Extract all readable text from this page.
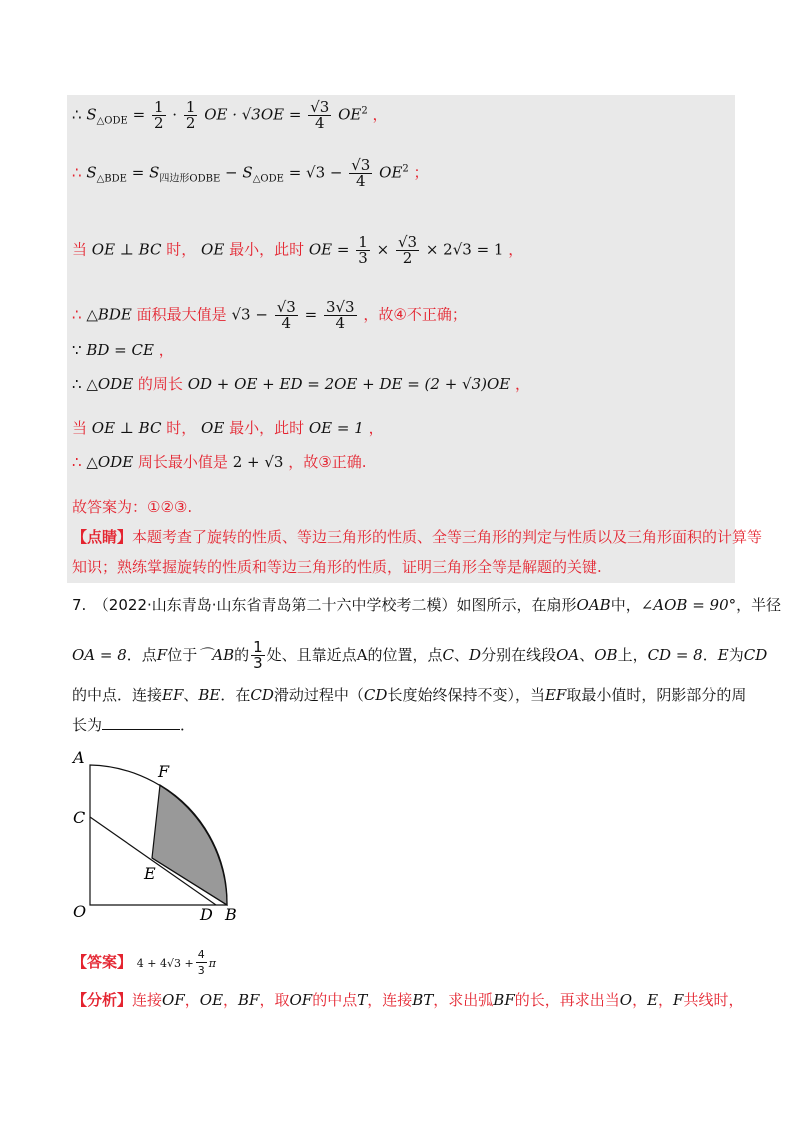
∴ $S_{\triangle ODE} = \frac{1}{2} \cdot \frac{1}{2}$ OE · $√3OE = \frac{√3}{4} OE^2$ ，
∴ $S_{\triangle BDE} = S_{四边形ODBE} - S_{\triangle ODE} = √3 - \frac{√3}{4} OE^2$ ；
当 OE ⊥ BC 时， OE 最小，此时 OE = $\frac{1}{3} \times \frac{√3}{2} \times 2√3 = 1$ ，
∴ △BDE 面积最大值是 $√3 - \frac{√3}{4} = \frac{3√3}{4}$ ，故④不正确；
∵ BD = CE ，
∴ △ODE 的周长 OD + OE + ED = 2OE + DE = (2 + √3)OE ，
当 OE ⊥ BC 时， OE 最小，此时 OE = 1 ，
∴ △ODE 周长最小值是 2 + √3 ，故③正确.
故答案为：①②③.
【点睛】本题考查了旋转的性质、等边三角形的性质、全等三角形的判定与性质以及三角形面积的计算等
知识；熟练掌握旋转的性质和等边三角形的性质，证明三角形全等是解题的关键.
7.　（2022·山东青岛·山东省青岛第二十六中学校考二模）如图所示，在扇形OAB中，∠AOB = 90°，半径
OA = 8．点F位于⌒AB的 $\frac{1}{3}$ 处、且靠近点A的位置，点C、D分别在线段OA、OB上，CD = 8．E为CD
的中点．连接EF、BE．在CD滑动过程中（CD长度始终保持不变），当EF取最小值时，阴影部分的周
长为	．
A
F
C
E
O	D B
【答案】 $4 + 4√3 + \frac{4}{3}$ π
【分析】连接OF，OE，BF，取OF的中点T，连接BT，求出弧BF的长，再求出当O，E，F共线时，
